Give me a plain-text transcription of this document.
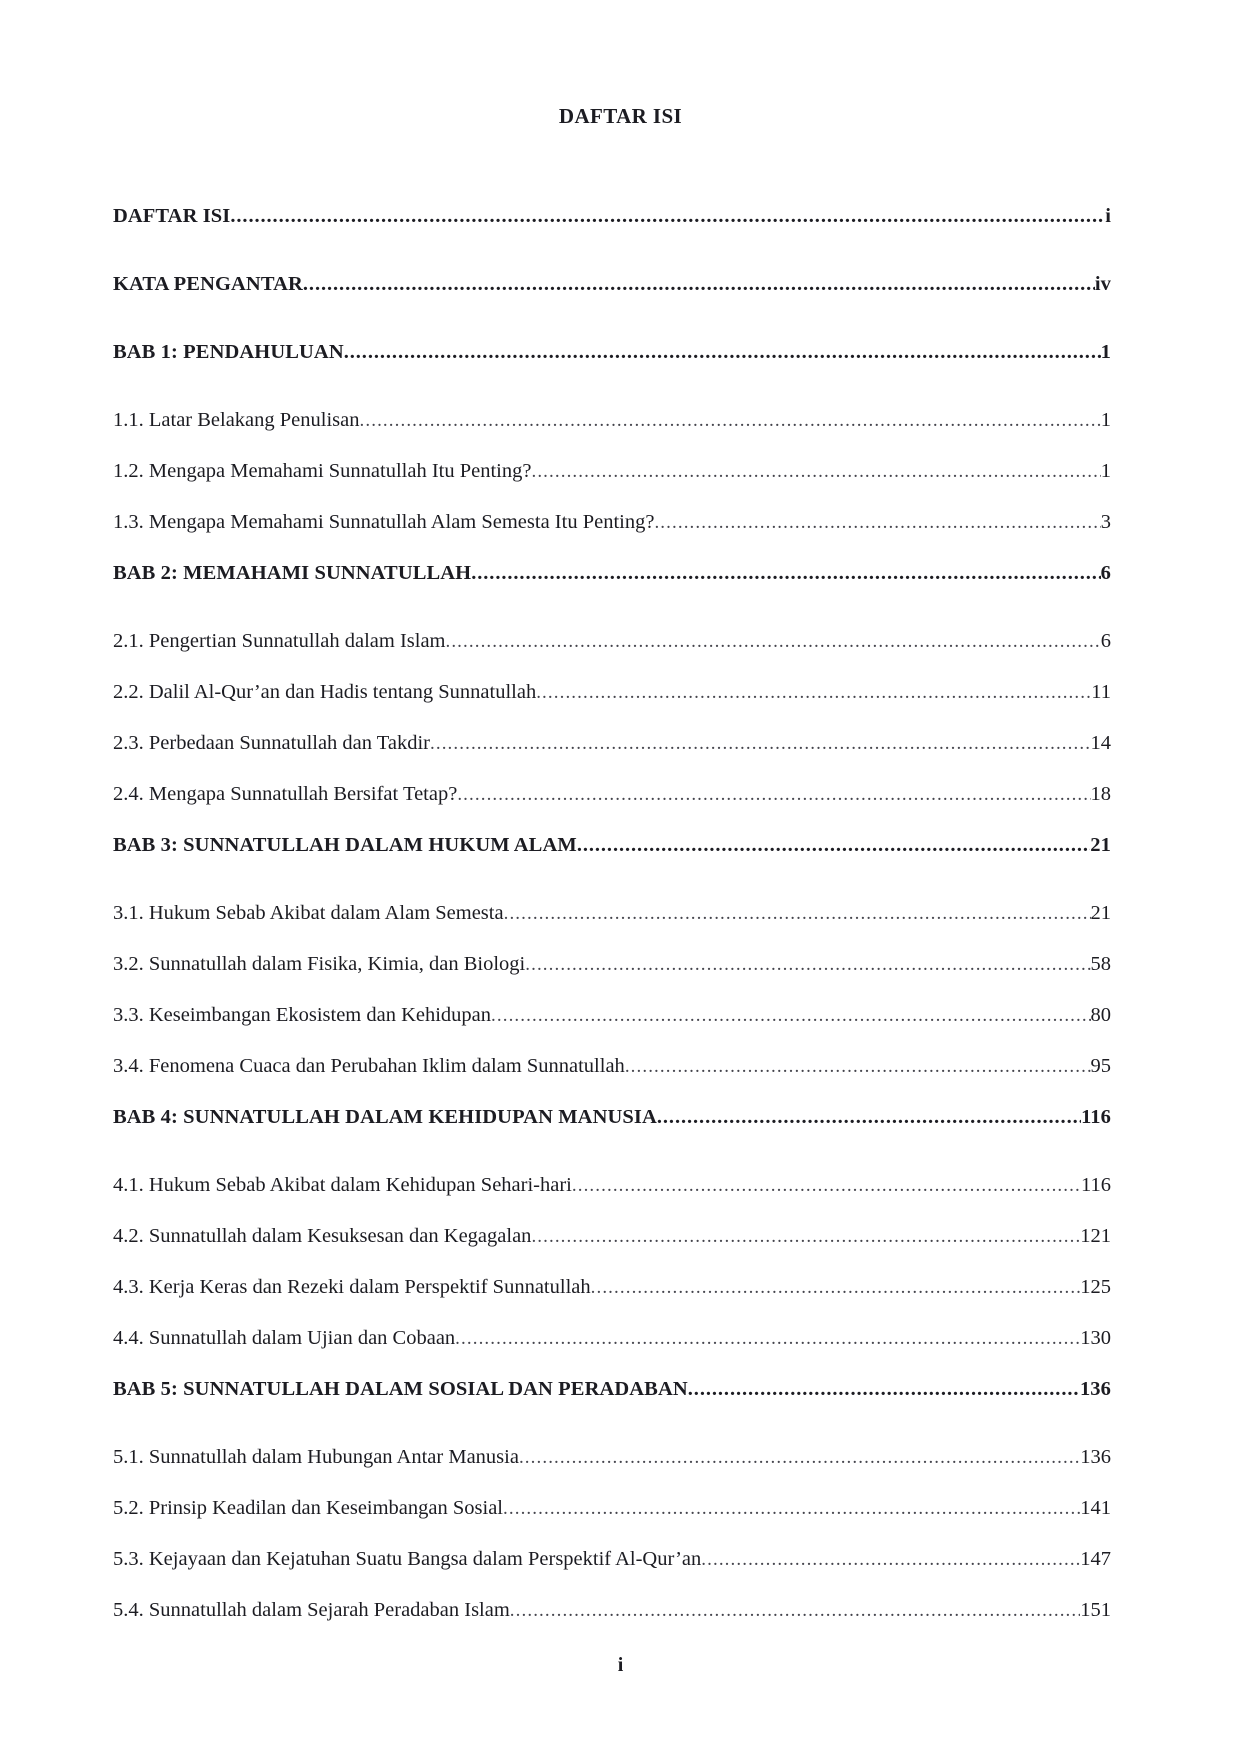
DAFTAR ISI
DAFTAR ISI .....	i
KATA PENGANTAR .....	iv
BAB 1: PENDAHULUAN .....	1
1.1. Latar Belakang Penulisan .....	1
1.2. Mengapa Memahami Sunnatullah Itu Penting? .....	1
1.3. Mengapa Memahami Sunnatullah Alam Semesta Itu Penting? .....	3
BAB 2: MEMAHAMI SUNNATULLAH .....	6
2.1. Pengertian Sunnatullah dalam Islam .....	6
2.2. Dalil Al-Qur’an dan Hadis tentang Sunnatullah .....	11
2.3. Perbedaan Sunnatullah dan Takdir .....	14
2.4. Mengapa Sunnatullah Bersifat Tetap? .....	18
BAB 3: SUNNATULLAH DALAM HUKUM ALAM .....	21
3.1. Hukum Sebab Akibat dalam Alam Semesta .....	21
3.2. Sunnatullah dalam Fisika, Kimia, dan Biologi .....	58
3.3. Keseimbangan Ekosistem dan Kehidupan .....	80
3.4. Fenomena Cuaca dan Perubahan Iklim dalam Sunnatullah .....	95
BAB 4: SUNNATULLAH DALAM KEHIDUPAN MANUSIA .....	116
4.1. Hukum Sebab Akibat dalam Kehidupan Sehari-hari .....	116
4.2. Sunnatullah dalam Kesuksesan dan Kegagalan .....	121
4.3. Kerja Keras dan Rezeki dalam Perspektif Sunnatullah .....	125
4.4. Sunnatullah dalam Ujian dan Cobaan .....	130
BAB 5: SUNNATULLAH DALAM SOSIAL DAN PERADABAN .....	136
5.1. Sunnatullah dalam Hubungan Antar Manusia .....	136
5.2. Prinsip Keadilan dan Keseimbangan Sosial .....	141
5.3. Kejayaan dan Kejatuhan Suatu Bangsa dalam Perspektif Al-Qur’an .....	147
5.4. Sunnatullah dalam Sejarah Peradaban Islam .....	151
i
